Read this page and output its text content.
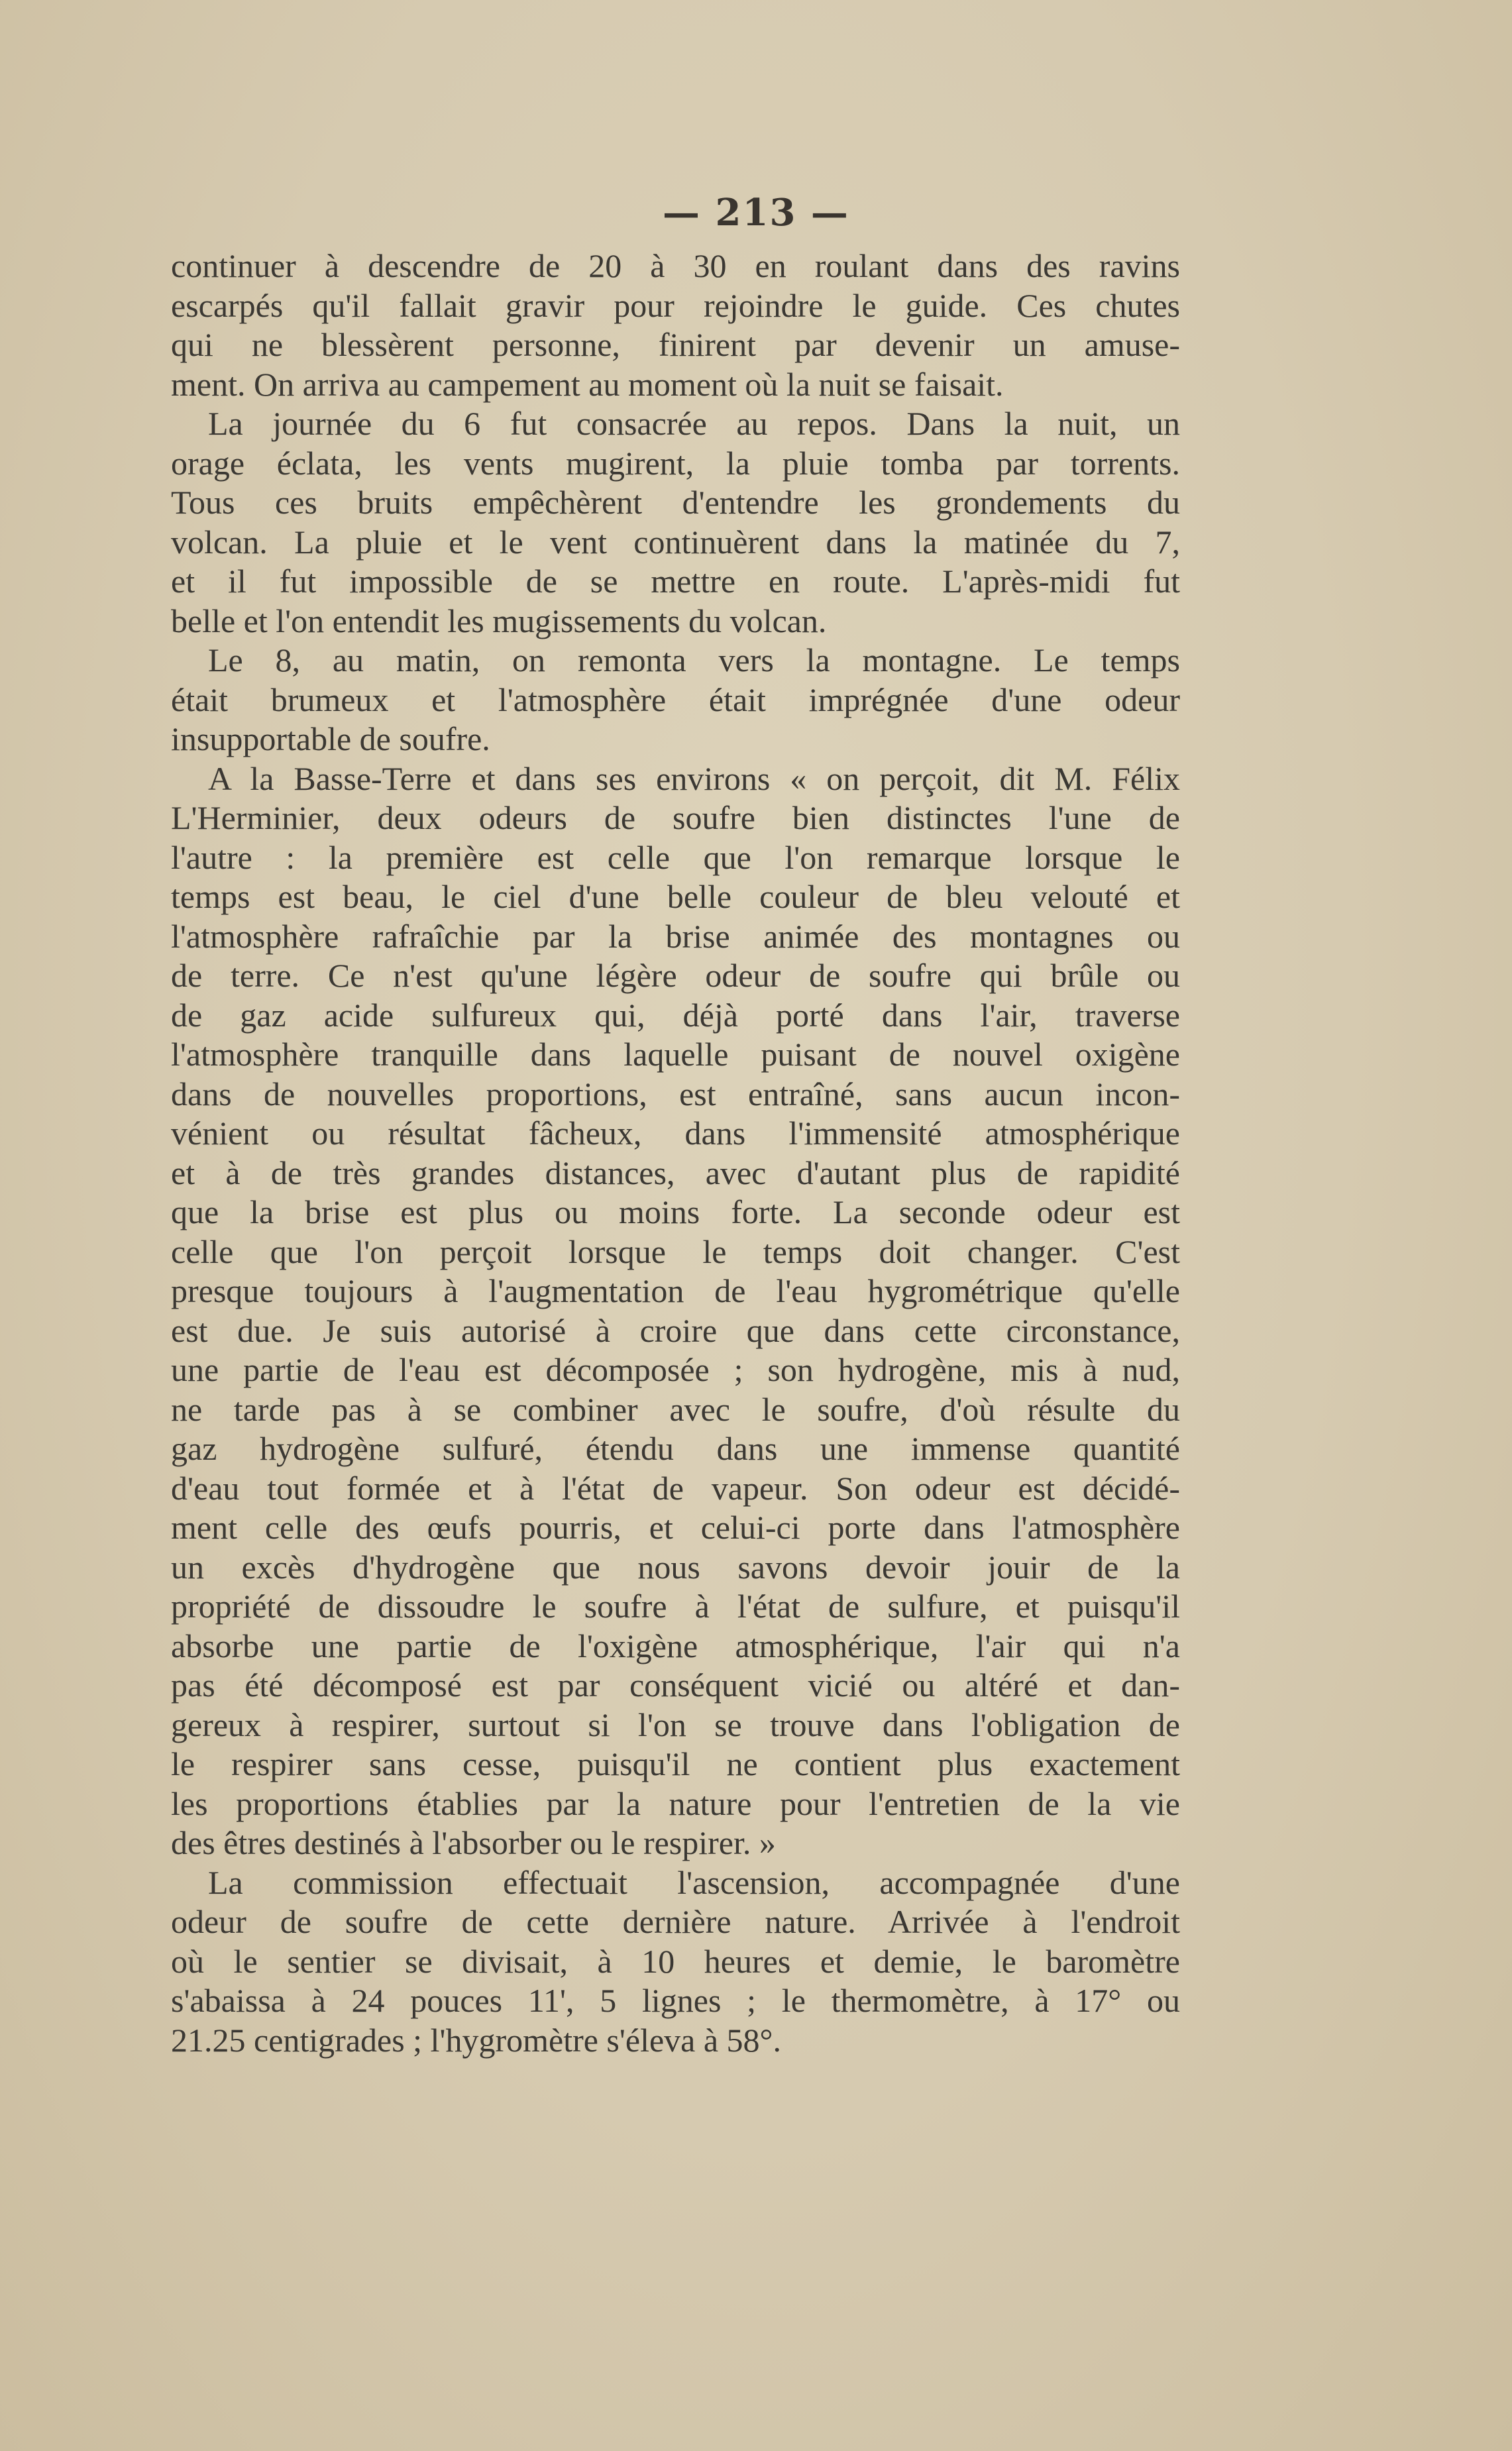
— 213 —
continuer à descendre de 20 à 30 en roulant dans des ravins
escarpés qu'il fallait gravir pour rejoindre le guide. Ces chutes
qui ne blessèrent personne, finirent par devenir un amuse-
ment. On arriva au campement au moment où la nuit se faisait.
La journée du 6 fut consacrée au repos. Dans la nuit, un
orage éclata, les vents mugirent, la pluie tomba par torrents.
Tous ces bruits empêchèrent d'entendre les grondements du
volcan. La pluie et le vent continuèrent dans la matinée du 7,
et il fut impossible de se mettre en route. L'après-midi fut
belle et l'on entendit les mugissements du volcan.
Le 8, au matin, on remonta vers la montagne. Le temps
était brumeux et l'atmosphère était imprégnée d'une odeur
insupportable de soufre.
A la Basse-Terre et dans ses environs « on perçoit, dit M. Félix
L'Herminier, deux odeurs de soufre bien distinctes l'une de
l'autre : la première est celle que l'on remarque lorsque le
temps est beau, le ciel d'une belle couleur de bleu velouté et
l'atmosphère rafraîchie par la brise animée des montagnes ou
de terre. Ce n'est qu'une légère odeur de soufre qui brûle ou
de gaz acide sulfureux qui, déjà porté dans l'air, traverse
l'atmosphère tranquille dans laquelle puisant de nouvel oxigène
dans de nouvelles proportions, est entraîné, sans aucun incon-
vénient ou résultat fâcheux, dans l'immensité atmosphérique
et à de très grandes distances, avec d'autant plus de rapidité
que la brise est plus ou moins forte. La seconde odeur est
celle que l'on perçoit lorsque le temps doit changer. C'est
presque toujours à l'augmentation de l'eau hygrométrique qu'elle
est due. Je suis autorisé à croire que dans cette circonstance,
une partie de l'eau est décomposée ; son hydrogène, mis à nud,
ne tarde pas à se combiner avec le soufre, d'où résulte du
gaz hydrogène sulfuré, étendu dans une immense quantité
d'eau tout formée et à l'état de vapeur. Son odeur est décidé-
ment celle des œufs pourris, et celui-ci porte dans l'atmosphère
un excès d'hydrogène que nous savons devoir jouir de la
propriété de dissoudre le soufre à l'état de sulfure, et puisqu'il
absorbe une partie de l'oxigène atmosphérique, l'air qui n'a
pas été décomposé est par conséquent vicié ou altéré et dan-
gereux à respirer, surtout si l'on se trouve dans l'obligation de
le respirer sans cesse, puisqu'il ne contient plus exactement
les proportions établies par la nature pour l'entretien de la vie
des êtres destinés à l'absorber ou le respirer. »
La commission effectuait l'ascension, accompagnée d'une
odeur de soufre de cette dernière nature. Arrivée à l'endroit
où le sentier se divisait, à 10 heures et demie, le baromètre
s'abaissa à 24 pouces 11', 5 lignes ; le thermomètre, à 17° ou
21.25 centigrades ; l'hygromètre s'éleva à 58°.
